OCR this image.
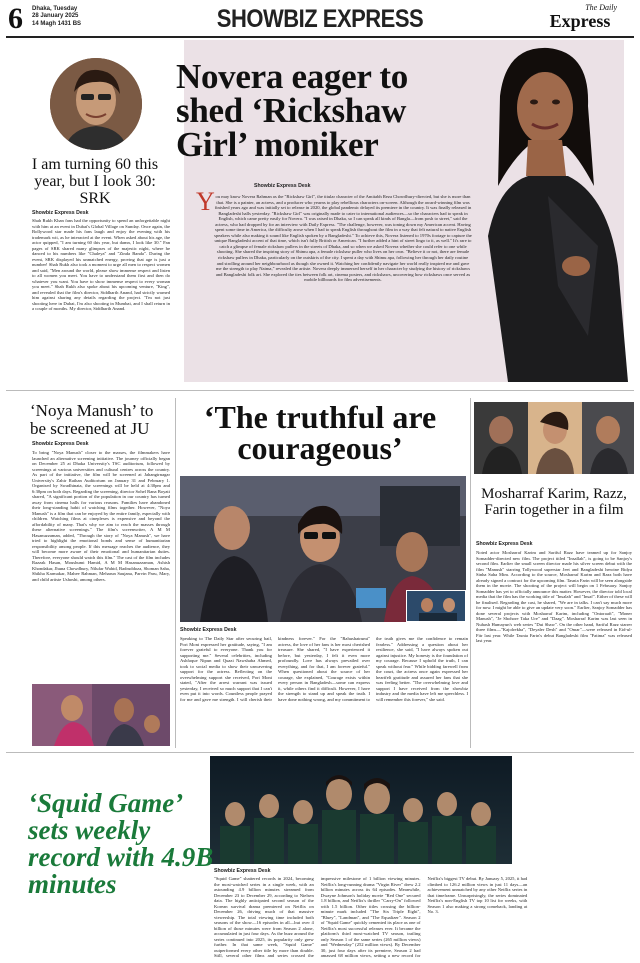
6 Dhaka, Tuesday
28 January 2025
14 Magh 1431 BS	SHOWBIZ EXPRESS	The Daily
Express
I am turning 60 this year, but I look 30: SRK
Showbiz Express Desk
Shah Rukh Khan fans had the opportunity to spend an unforgettable night with him at an event in Dubai's Global Village on Sunday. Once again, the Bollywood star made his fans laugh and enjoy the evening with his trademark wit, as he interacted at the event. When asked about his age, the actor quipped, "I am turning 60 this year, but damn, I look like 30." Fan pages of SRK shared many glimpses of the majestic night, where he danced to his numbers like "Chaleya" and "Zinda Banda". During the event, SRK displayed his unmatched energy, proving that age is just a number! Shah Rukh also took a moment to urge all men to respect women and said, "Men around the world, please show immense respect and listen to all women you meet. You have to understand them first and then do whatever you want. You have to show immense respect to every woman you meet." Shah Rukh also spoke about his upcoming venture, "King", and revealed that the film's director, Siddharth Anand, had strictly warned him against sharing any details regarding the project. "I'm not just shooting here in Dubai, I'm also shooting in Mumbai, and I shall return in a couple of months. My director, Siddharth Anand.
Novera eager to shed ‘Rickshaw Girl’ moniker
Showbiz Express Desk
Y ou may know Novera Rahman as the "Rickshaw Girl", the titular character of the Amitabh Reza Chowdhury-directed, but she is more than that. She is a painter, an actress, and a producer who yearns to play rebellious characters on-screen. Although the award-winning film was finished years ago and was initially set to release in 2020, the global pandemic delayed its premiere in the country. It was finally released in Bangladeshi halls yesterday. "Rickshaw Girl" was originally made to cater to international audiences—so the characters had to speak in English, which came pretty easily for Novera. "I was raised in Dhaka, so I can speak all kinds of Bangla—from posh to street," said the actress, who had dropped by for an interview with Daily Express. "The challenge, however, was toning down my American accent. Having spent some time in America, the difficulty arose when I had to speak English throughout the film in a way that felt natural to native English speakers while also making it sound like English spoken by a Bangladeshi." To achieve this, Novera listened to 1970s footage to capture the unique Bangladeshi accent of that time, which isn't fully British or American. "I further added a hint of street lingo to it, as well." It's rare to catch a glimpse of female rickshaw pullers in the streets of Dhaka, and so when we asked Novera whether she could refer to one while shooting. She shared the inspiring story of Shimu apa, a female rickshaw puller who lives on her own. "Believe it or not, there are female rickshaw pullers in Dhaka, particularly on the outskirts of the city. I spent a day with Shimu apa, following her through her daily routine and strolling around her neighbourhood as though she owned it. Watching her confidently navigate her world really inspired me and gave me the strength to play Naima," revealed the artiste. Novera deeply immersed herself in her character by studying the history of rickshaws and Bangladeshi folk art. She explored the ties between folk art, cinema posters, and rickshaws, uncovering how rickshaws once served as mobile billboards for film advertisements.
‘Noya Manush’ to be screened at JU
Showbiz Express Desk
To bring "Noya Manush" closer to the masses, the filmmakers have launched an alternative screening initiative. The journey officially began on December 25 at Dhaka University's TSC auditorium, followed by screenings at various universities and cultural centres across the country. As part of the initiative, the film will be screened at Jahangirnagar University's Zahir Raihan Auditorium on January 31 and February 1. Organised by Swadhinata, the screenings will be held at 4:30pm and 6:30pm on both days. Regarding the screening, director Sohel Rana Boyati shared, "A significant portion of the population in our country has turned away from cinema halls for various reasons. Families have abandoned their long-standing habit of watching films together. However, "Noya Manush" is a film that can be enjoyed by the entire family, especially with children. Watching films at cineplexes is expensive and beyond the affordability of many. That's why we aim to reach the masses through these alternative screenings." The film's screenwriter, A M M Hasanuzzaman, added, "Through the story of "Noya Manush", we have tried to highlight the emotional bonds and sense of humanitarian responsibility among people. If this message reaches the audience, they will become more aware of their emotional and humanitarian duties. Therefore, everyone should watch this film." The cast of the film includes Razzak Hasan, Moushumi Hamid, A M M Hasanuzzaman, Ashish Khondakar, Jhuna Chowdhury, Nilufar Wahid, Badruddoza, Shoman Saha, Shikha Karmakar, Mahee Rahman, Meharun Saujana, Parvin Paru, Mary, and child artiste Ushoshi, among others.
‘The truthful are courageous’
Showbiz Express Desk
Speaking to The Daily Star after securing bail, Pori Moni expressed her gratitude, saying, "I am forever grateful to everyone. Thank you for supporting me." Several celebrities, including Ashfaque Nipun and Quazi Nawshaba Ahmed, took to social media to show their unwavering support for the actress. Reflecting on the overwhelming support she received, Pori Moni stated, "After the arrest warrant was issued yesterday, I received so much support that I can't even put it into words. Countless people prayed for me and gave me strength. I will cherish their kindness forever." For the "Rahushatrumi" actress, the love of her fans is her most cherished treasure. She shared, "I have experienced it before, but yesterday, I felt it even more profoundly. Love has always prevailed over everything, and for that, I am forever grateful." When questioned about the source of her courage, she explained, "Courage exists within every person in Bangladesh—some can express it, while others find it difficult. However, I have the strength to stand up and speak the truth. I have done nothing wrong, and my commitment to the truth gives me the confidence to remain fearless." Addressing a question about her resilience, she said, "I have always spoken out against injustice. My honesty is the foundation of my courage. Because I uphold the truth, I can speak without fear." While bidding farewell from the court, the actress once again expressed her heartfelt gratitude and assured her fans that she was feeling better. "The overwhelming love and support I have received from the showbiz industry and the media have left me speechless. I will remember this forever," she said.
Mosharraf Karim, Razz, Farin together in a film
Showbiz Express Desk
Noted actor Mosharraf Karim and Sariful Razz have teamed up for Sanjoy Somadder-directed new film. The project titled "Insallah", is going to be Sanjoy's second film. Earlier the small screen director made his silver screen debut with the film "Manush" starring Tollywood superstar Jeet and Bangladeshi heroine Bidya Sinha Saha Mim. According to the source, Mosharraf Karim and Razz both have already signed a contract for the upcoming film. Tasnia Farin will be seen alongside them in the movie. The shooting of the project will begin on 1 February. Sanjoy Somadder has yet to officially announce this matter. However, the director told local media that the film has the working title of "Insalah" and "Insaf". Either of these will be finalised. Regarding the cast, he shared, "We are in talks. I can't say much more for now. I might be able to give an update very soon." Earlier, Sanjoy Somadder has done several projects with Mosharraf Karim, including "Ontoraaft", "Moner Manush", "Je Shohore Taka Ure" and "Daag". Mosharraf Karim was last seen in Nuhash Humayun's web series "Dui Shaw". On the other hand, Sariful Razz starrer three films—"Kajolrekha", "Deyaler Desh" and "Omar"—were released in Eid-ul-Fitr last year. While Tasnia Farin's debut Bangladeshi film "Fatima" was released last year.
‘Squid Game’ sets weekly record with 4.9B minutes	Showbiz Express Desk
"Squid Game" shattered records in 2024, becoming the most-watched series in a single week, with an astounding 4.9 billion minutes streamed from December 23 to December 29, according to Nielsen data. The highly anticipated second season of the Korean survival drama premiered on Netflix on December 26, driving much of that massive viewership. The total viewing time included both seasons of the show—16 episodes in all—but over 4 billion of those minutes were from Season 2 alone, accumulated in just four days. As the buzz around the series continued into 2025, its popularity only grew further. In that same week, "Squid Game" outperformed every other title by more than double. Still, several other films and series crossed the impressive milestone of 1 billion viewing minutes. Netflix's long-running drama "Virgin River" drew 2.2 billion minutes across its 64 episodes. Meanwhile, Dwayne Johnson's holiday movie "Red One" secured 1.8 billion, and Netflix's thriller "Carry-On" followed with 1.5 billion. Other titles crossing the billion-minute mark included "The Six Triple Eight", "Bluey", "Landman", and "The Equalizer". Season 2 of "Squid Game" quickly cemented its place as one of Netflix's most successful releases ever. It became the platform's third most-watched TV season, trailing only Season 1 of the same series (265 million views) and "Wednesday" (252 million views). By December 30, just four days after its premiere, Season 2 had amassed 68 million views, setting a new record for Netflix's biggest TV debut. By January 5, 2025, it had climbed to 126.2 million views in just 11 days—an achievement unmatched by any other Netflix series in that timeframe. Unsurprisingly, the series dominated Netflix's non-English TV top 10 list for weeks, with Season 1 also making a strong comeback, landing at No. 3.
